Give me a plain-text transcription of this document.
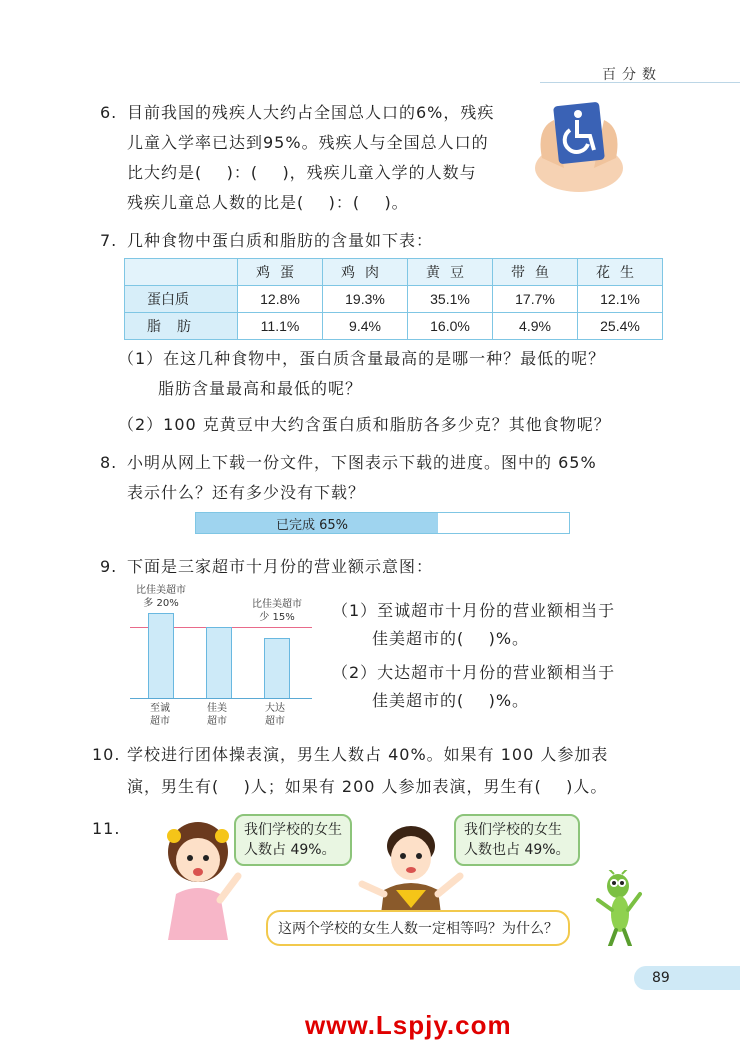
百分数
6. 目前我国的残疾人大约占全国总人口的6%，残疾
儿童入学率已达到95%。残疾人与全国总人口的
比大约是( )：( )，残疾儿童入学的人数与
残疾儿童总人数的比是( )：( )。
7. 几种食物中蛋白质和脂肪的含量如下表：
	鸡蛋	鸡肉	黄豆	带鱼	花生
蛋白质	12.8%	19.3%	35.1%	17.7%	12.1%
脂肪	11.1%	9.4%	16.0%	4.9%	25.4%
（1）在这几种食物中，蛋白质含量最高的是哪一种？最低的呢？
脂肪含量最高和最低的呢？
（2）100 克黄豆中大约含蛋白质和脂肪各多少克？其他食物呢？
8. 小明从网上下载一份文件，下图表示下载的进度。图中的 65%
表示什么？还有多少没有下载？
已完成 65%
9. 下面是三家超市十月份的营业额示意图：
比佳美超市
多 20%	比佳美超市
少 15%
至诚
超市
佳美
超市
大达
超市
（1）至诚超市十月份的营业额相当于
佳美超市的( )%。
（2）大达超市十月份的营业额相当于
佳美超市的( )%。
10. 学校进行团体操表演，男生人数占 40%。如果有 100 人参加表
演，男生有( )人；如果有 200 人参加表演，男生有( )人。
11.	我们学校的女生
人数占 49%。
我们学校的女生
人数也占 49%。
这两个学校的女生人数一定相等吗？为什么？
89
www.Lspjy.com
